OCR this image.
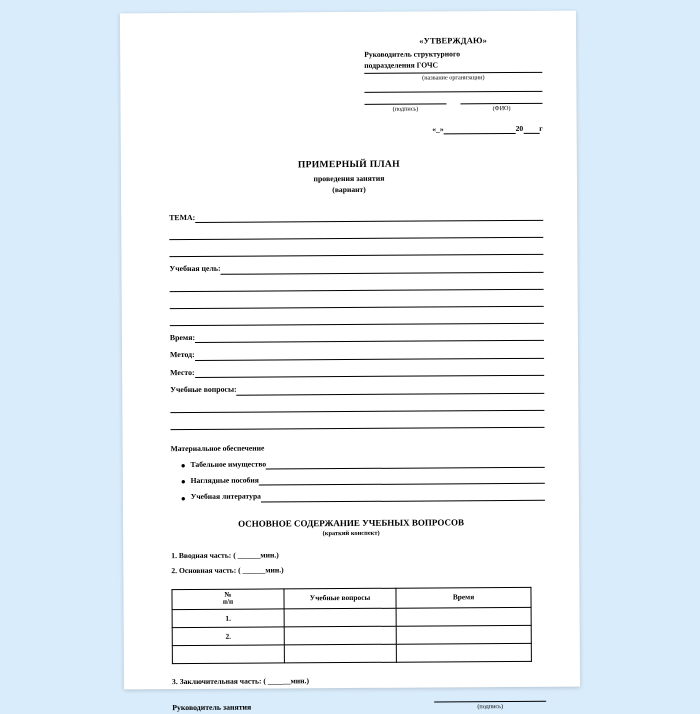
«УТВЕРЖДАЮ»
Руководитель структурного
подразделения ГОЧС
(название организации)
(подпись)	(ФИО)
«_»
	20
г
ПРИМЕРНЫЙ ПЛАН
проведения занятия
(вариант)
ТЕМА:
Учебная цель:
Время:
Метод:
Место:
Учебные вопросы:
Материальное обеспечение
● Табельное имущество
● Наглядные пособия
● Учебная литература
ОСНОВНОЕ СОДЕРЖАНИЕ УЧЕБНЫХ ВОПРОСОВ
(краткий конспект)
1. Вводная часть: ( ______мин.)
2. Основная часть: ( ______мин.)
№
п/п	Учебные вопросы	Время
1.		
2.		

3. Заключительная часть: ( ______мин.)
Руководитель занятия	(подпись)
